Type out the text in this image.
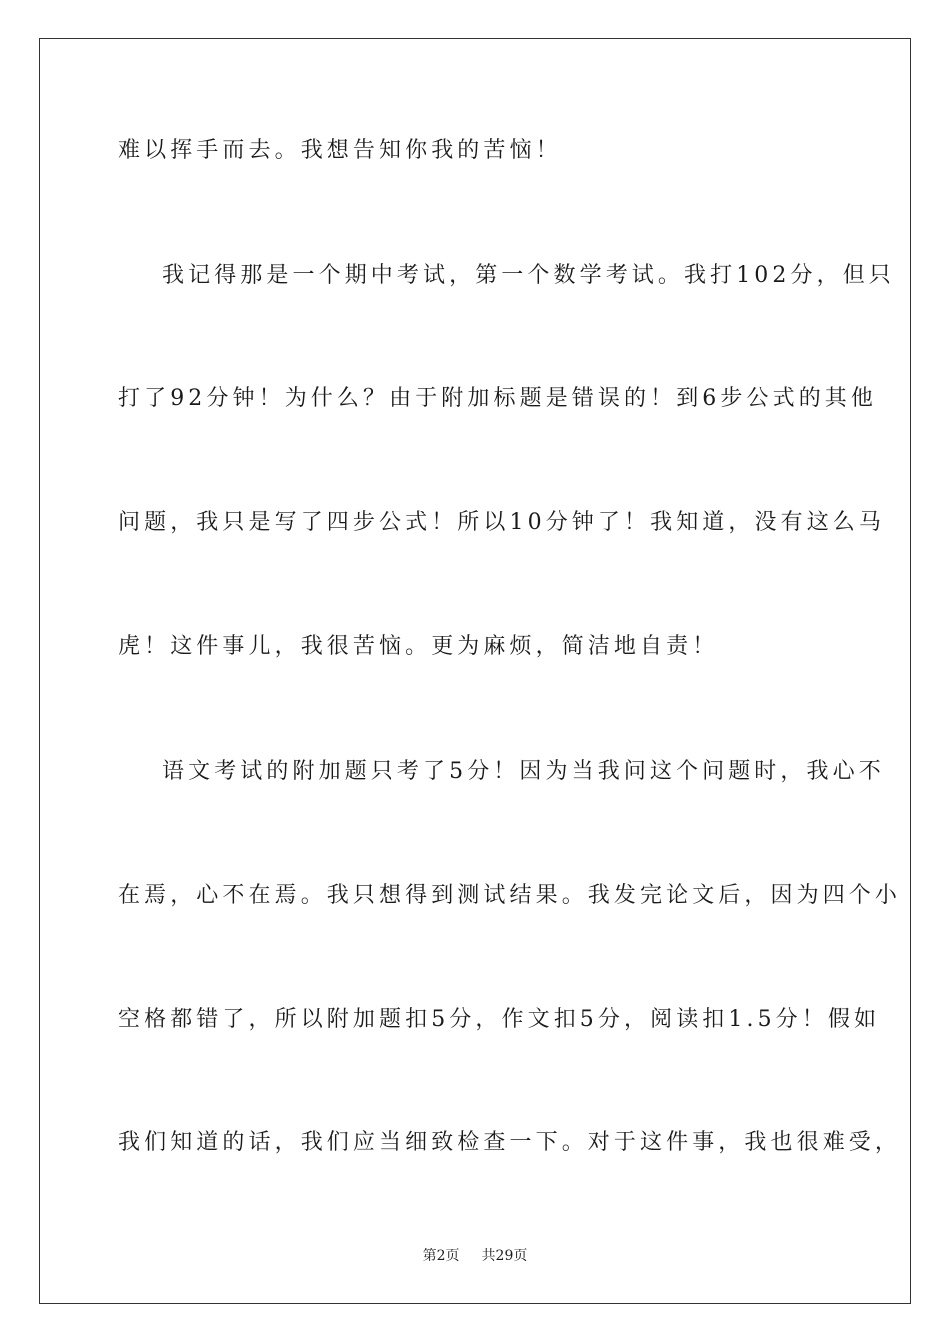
难以挥手而去。我想告知你我的苦恼！
我记得那是一个期中考试，第一个数学考试。我打102分，但只
打了92分钟！为什么？由于附加标题是错误的！到6步公式的其他
问题，我只是写了四步公式！所以10分钟了！我知道，没有这么马
虎！这件事儿，我很苦恼。更为麻烦，简洁地自责！
语文考试的附加题只考了5分！因为当我问这个问题时，我心不
在焉，心不在焉。我只想得到测试结果。我发完论文后，因为四个小
空格都错了，所以附加题扣5分，作文扣5分，阅读扣1.5分！假如
我们知道的话，我们应当细致检查一下。对于这件事，我也很难受，
第2页 共29页
